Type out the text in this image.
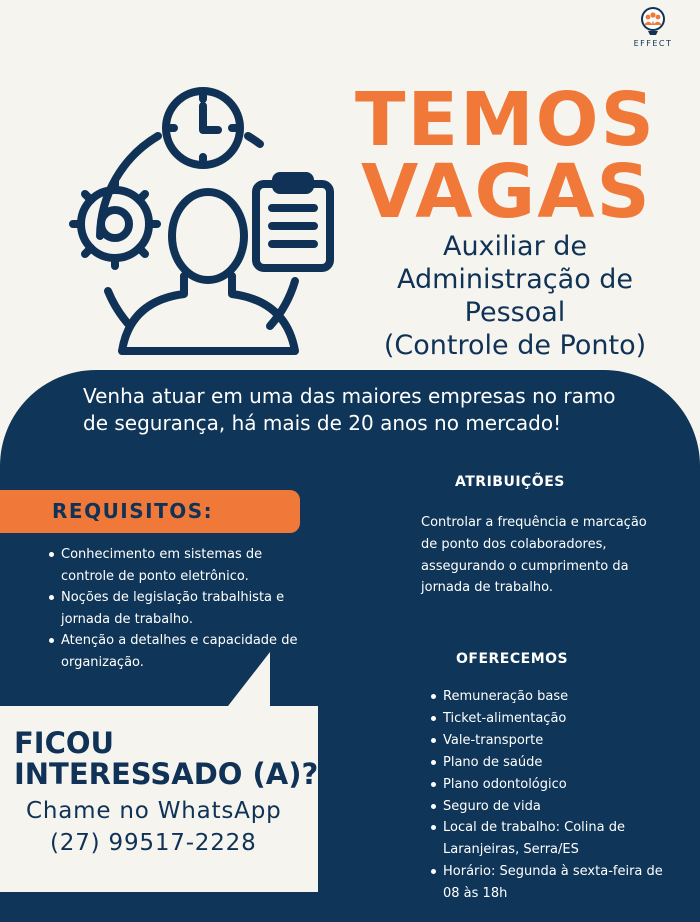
EFFECT
TEMOS
VAGAS
Auxiliar de
Administração de
Pessoal
(Controle de Ponto)
Venha atuar em uma das maiores empresas no ramo de segurança, há mais de 20 anos no mercado!
REQUISITOS:
Conhecimento em sistemas de controle de ponto eletrônico.
Noções de legislação trabalhista e jornada de trabalho.
Atenção a detalhes e capacidade de organização.
ATRIBUIÇÕES
Controlar a frequência e marcação de ponto dos colaboradores, assegurando o cumprimento da jornada de trabalho.
OFERECEMOS
Remuneração base
Ticket-alimentação
Vale-transporte
Plano de saúde
Plano odontológico
Seguro de vida
Local de trabalho: Colina de Laranjeiras, Serra/ES
Horário: Segunda à sexta-feira de 08 às 18h
FICOU
INTERESSADO (A)?
Chame no WhatsApp
(27) 99517-2228
